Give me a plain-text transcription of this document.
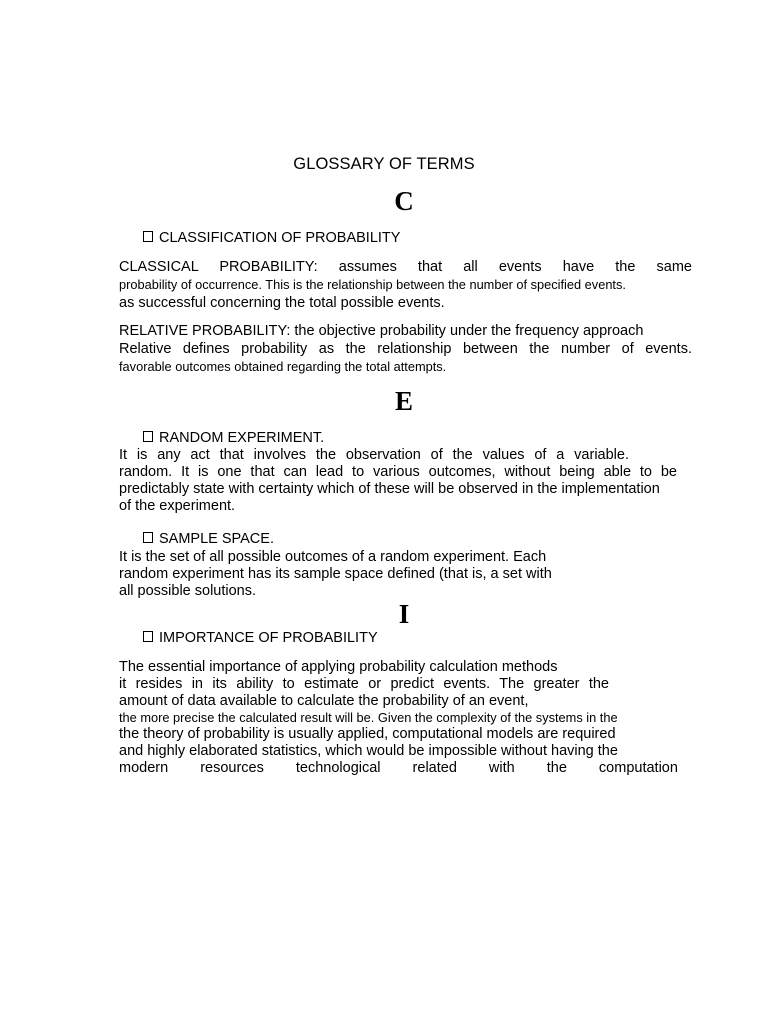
GLOSSARY OF TERMS
C
CLASSIFICATION OF PROBABILITY
CLASSICAL PROBABILITY: assumes that all events have the same
probability of occurrence. This is the relationship between the number of specified events.
as successful concerning the total possible events.
RELATIVE PROBABILITY: the objective probability under the frequency approach
Relative defines probability as the relationship between the number of events.
favorable outcomes obtained regarding the total attempts.
E
RANDOM EXPERIMENT.
It is any act that involves the observation of the values of a variable.
random. It is one that can lead to various outcomes, without being able to be
predictably state with certainty which of these will be observed in the implementation
of the experiment.
SAMPLE SPACE.
It is the set of all possible outcomes of a random experiment. Each
random experiment has its sample space defined (that is, a set with
all possible solutions.
I
IMPORTANCE OF PROBABILITY
The essential importance of applying probability calculation methods
it resides in its ability to estimate or predict events. The greater the
amount of data available to calculate the probability of an event,
the more precise the calculated result will be. Given the complexity of the systems in the
the theory of probability is usually applied, computational models are required
and highly elaborated statistics, which would be impossible without having the
modern resources technological related with the computation
